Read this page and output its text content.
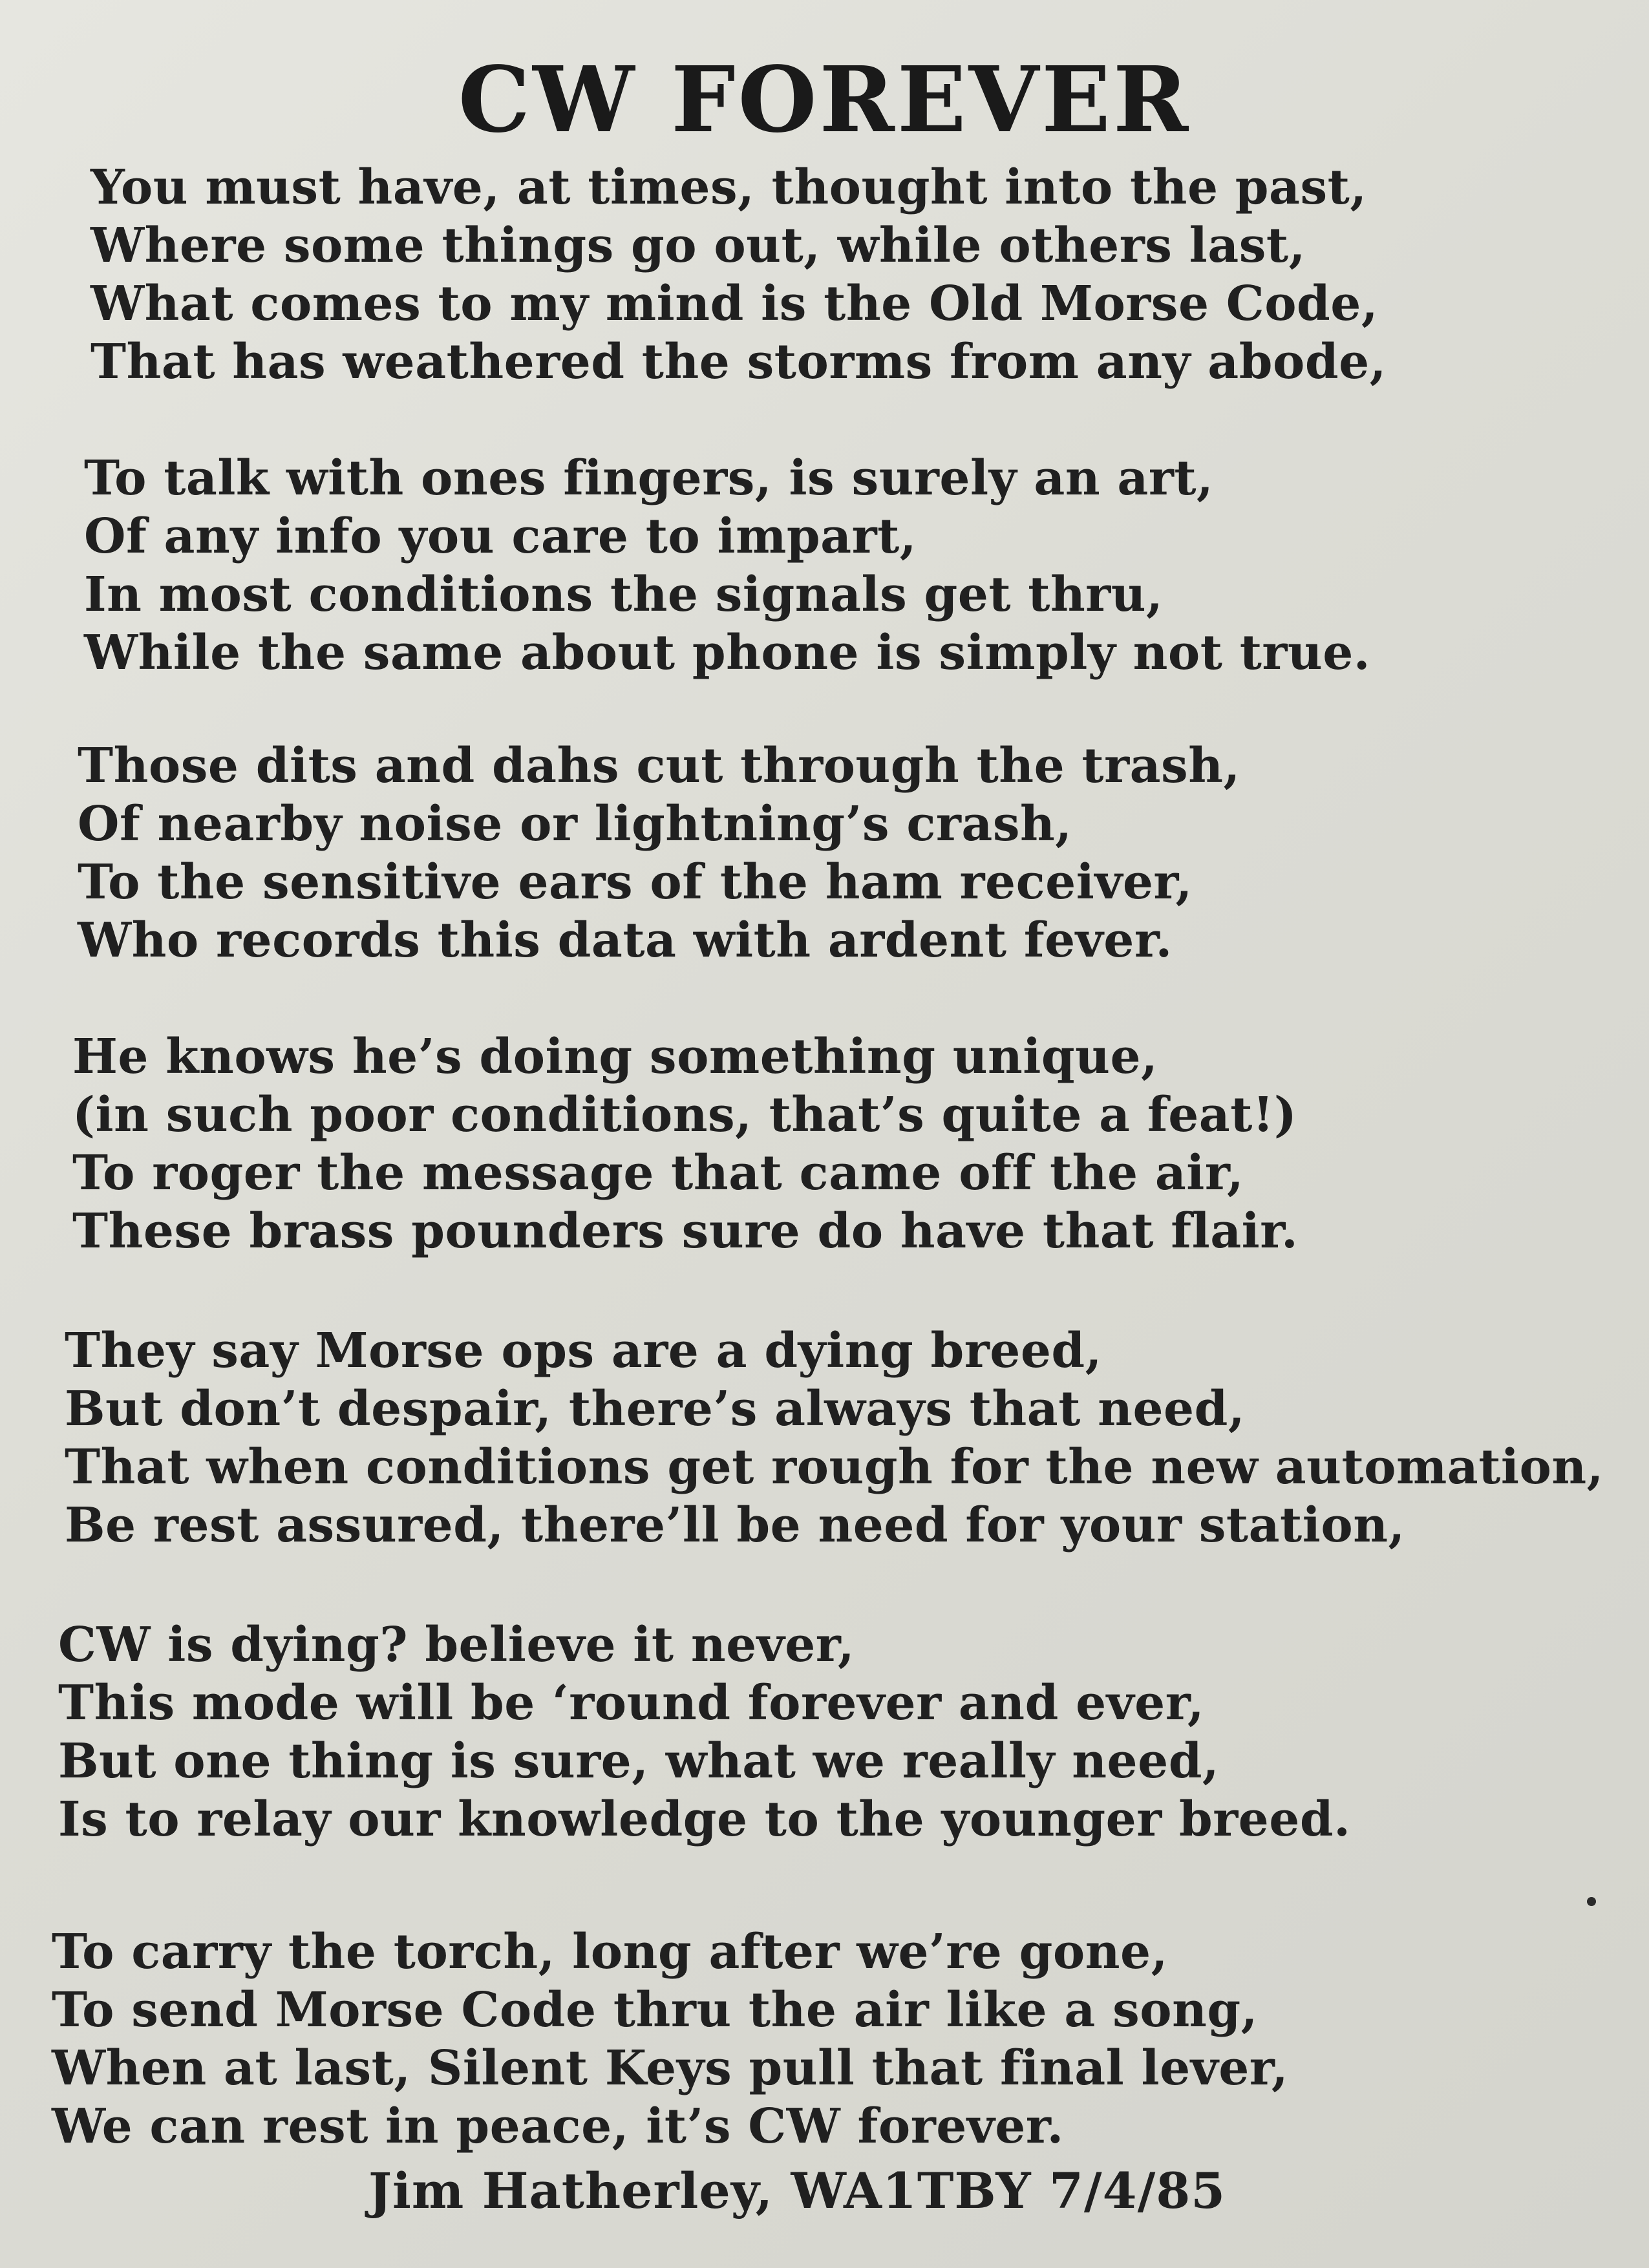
CW FOREVER
You must have, at times, thought into the past,
Where some things go out, while others last,
What comes to my mind is the Old Morse Code,
That has weathered the storms from any abode,
To talk with ones fingers, is surely an art,
Of any info you care to impart,
In most conditions the signals get thru,
While the same about phone is simply not true.
Those dits and dahs cut through the trash,
Of nearby noise or lightning’s crash,
To the sensitive ears of the ham receiver,
Who records this data with ardent fever.
He knows he’s doing something unique,
(in such poor conditions, that’s quite a feat!)
To roger the message that came off the air,
These brass pounders sure do have that flair.
They say Morse ops are a dying breed,
But don’t despair, there’s always that need,
That when conditions get rough for the new automation,
Be rest assured, there’ll be need for your station,
CW is dying? believe it never,
This mode will be ‘round forever and ever,
But one thing is sure, what we really need,
Is to relay our knowledge to the younger breed.
To carry the torch, long after we’re gone,
To send Morse Code thru the air like a song,
When at last, Silent Keys pull that final lever,
We can rest in peace, it’s CW forever.
Jim Hatherley, WA1TBY 7/4/85
